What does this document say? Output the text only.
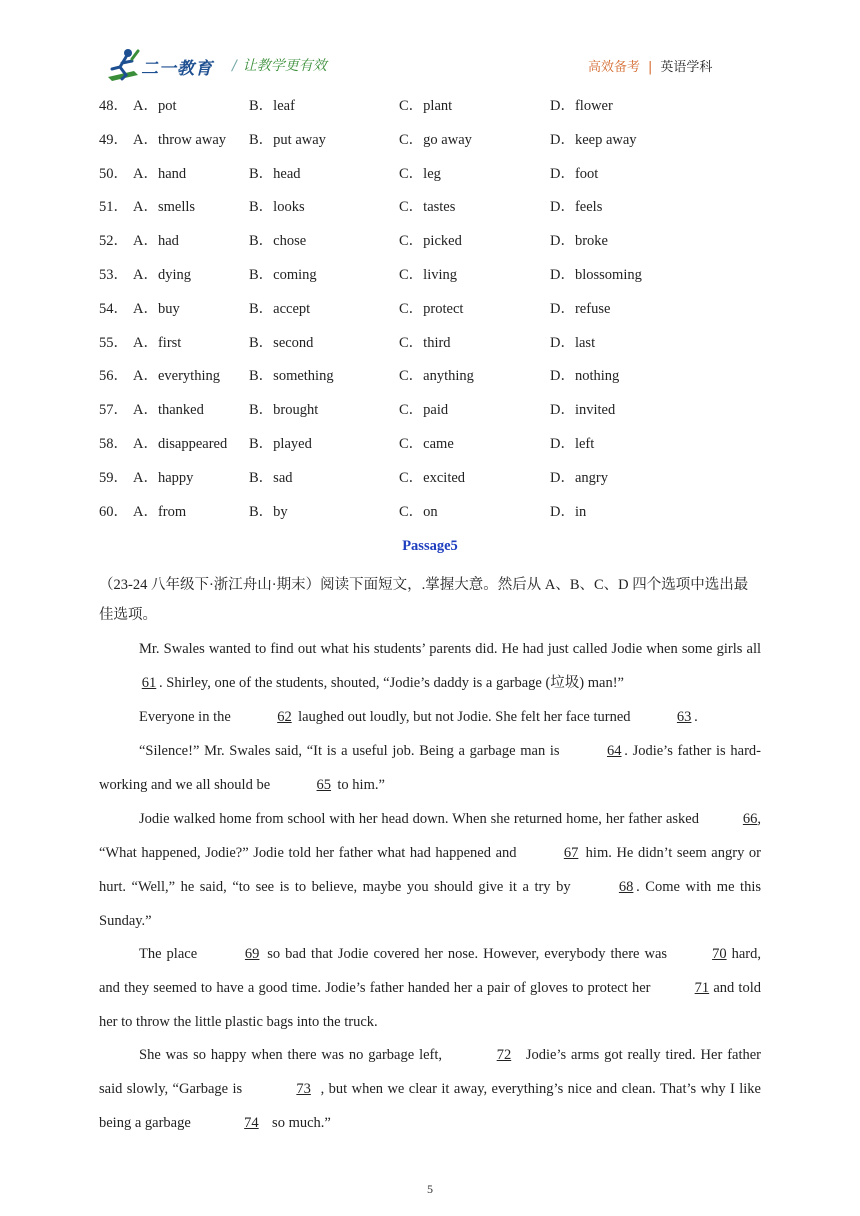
二一教育 / 让教学更有效	高效备考 | 英语学科
48． A．pot	B．leaf	C．plant	D．flower
49． A．throw away B．put away	C．go away	D．keep away
50． A．hand	B．head	C．leg	D．foot
51． A．smells	B．looks	C．tastes	D．feels
52． A．had	B．chose	C．picked	D．broke
53． A．dying	B．coming	C．living	D．blossoming
54． A．buy	B．accept	C．protect	D．refuse
55． A．first	B．second	C．third	D．last
56． A．everything B．something	C．anything	D．nothing
57． A．thanked	B．brought	C．paid	D．invited
58． A．disappeared B．played	C．came	D．left
59． A．happy	B．sad	C．excited	D．angry
60． A．from	B．by	C．on	D．in
Passage5
（23-24 八年级下·浙江舟山·期末）阅读下面短文，.掌握大意。然后从 A、B、C、D 四个选项中选出最佳选项。
Mr. Swales wanted to find out what his students’ parents did. He had just called Jodie when some girls all 61 . Shirley, one of the students, shouted, “Jodie’s daddy is a garbage (垃圾) man!”
Everyone in the	62 laughed out loudly, but not Jodie. She felt her face turned	63 .
“Silence!” Mr. Swales said, “It is a useful job. Being a garbage man is	64 . Jodie’s father is hard-working and we all should be	65 to him.”
Jodie walked home from school with her head down. When she returned home, her father asked	66, “What happened, Jodie?” Jodie told her father what had happened and	67 him. He didn’t seem angry or hurt. “Well,” he said, “to see is to believe, maybe you should give it a try by	68 . Come with me this Sunday.”
The place	69 so bad that Jodie covered her nose. However, everybody there was	70 hard, and they seemed to have a good time. Jodie’s father handed her a pair of gloves to protect her	71 and told her to throw the little plastic bags into the truck.
She was so happy when there was no garbage left,	72 Jodie’s arms got really tired. Her father said slowly, “Garbage is	73 , but when we clear it away, everything’s nice and clean. That’s why I like being a garbage	74 so much.”
5
